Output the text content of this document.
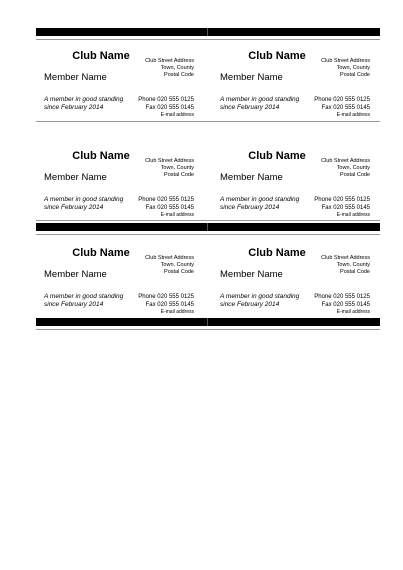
Club Name
Member Name
Club Street Address
Town, County
Postal Code
A member in good standing
since February 2014
Phone 020 555 0125
Fax 020 555 0145
E-mail address
Club Name
Member Name
Club Street Address
Town, County
Postal Code
A member in good standing
since February 2014
Phone 020 555 0125
Fax 020 555 0145
E-mail address
Club Name
Member Name
Club Street Address
Town, County
Postal Code
A member in good standing
since February 2014
Phone 020 555 0125
Fax 020 555 0145
E-mail address
Club Name
Member Name
Club Street Address
Town, County
Postal Code
A member in good standing
since February 2014
Phone 020 555 0125
Fax 020 555 0145
E-mail address
Club Name
Member Name
Club Street Address
Town, County
Postal Code
A member in good standing
since February 2014
Phone 020 555 0125
Fax 020 555 0145
E-mail address
Club Name
Member Name
Club Street Address
Town, County
Postal Code
A member in good standing
since February 2014
Phone 020 555 0125
Fax 020 555 0145
E-mail address
